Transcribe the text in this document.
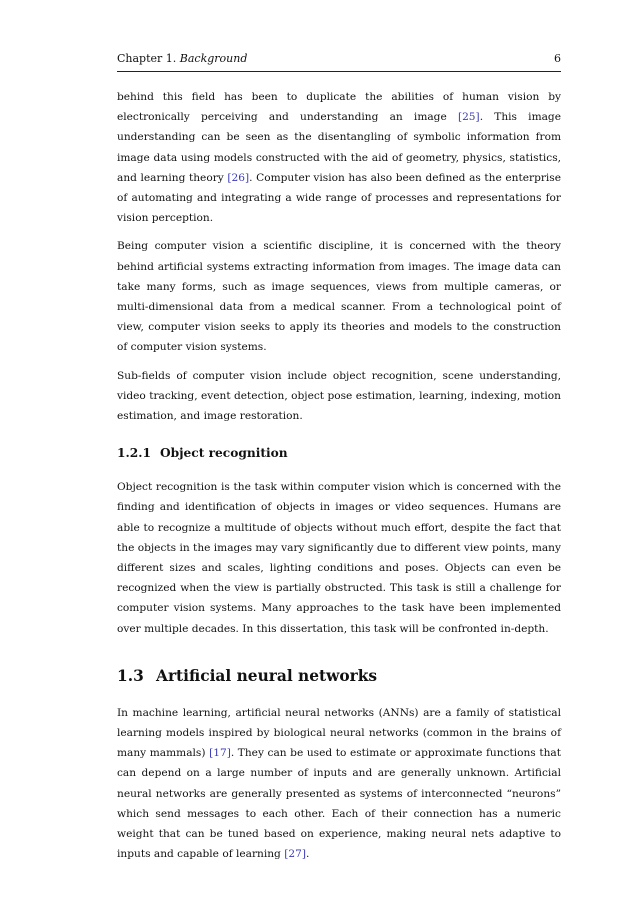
Chapter 1. Background	6

behind this field has been to duplicate the abilities of human vision by electronically perceiving and understanding an image [25]. This image understanding can be seen as the disentangling of symbolic information from image data using models constructed with the aid of geometry, physics, statistics, and learning theory [26]. Computer vision has also been defined as the enterprise of automating and integrating a wide range of processes and representations for vision perception.

Being computer vision a scientific discipline, it is concerned with the theory behind artificial systems extracting information from images. The image data can take many forms, such as image sequences, views from multiple cameras, or multi-dimensional data from a medical scanner. From a technological point of view, computer vision seeks to apply its theories and models to the construction of computer vision systems.

Sub-fields of computer vision include object recognition, scene understanding, video tracking, event detection, object pose estimation, learning, indexing, motion estimation, and image restoration.

1.2.1 Object recognition

Object recognition is the task within computer vision which is concerned with the finding and identification of objects in images or video sequences. Humans are able to recognize a multitude of objects without much effort, despite the fact that the objects in the images may vary significantly due to different view points, many different sizes and scales, lighting conditions and poses. Objects can even be recognized when the view is partially obstructed. This task is still a challenge for computer vision systems. Many approaches to the task have been implemented over multiple decades. In this dissertation, this task will be confronted in-depth.

1.3 Artificial neural networks

In machine learning, artificial neural networks (ANNs) are a family of statistical learning models inspired by biological neural networks (common in the brains of many mammals) [17]. They can be used to estimate or approximate functions that can depend on a large number of inputs and are generally unknown. Artificial neural networks are generally presented as systems of interconnected “neurons” which send messages to each other. Each of their connection has a numeric weight that can be tuned based on experience, making neural nets adaptive to inputs and capable of learning [27].
